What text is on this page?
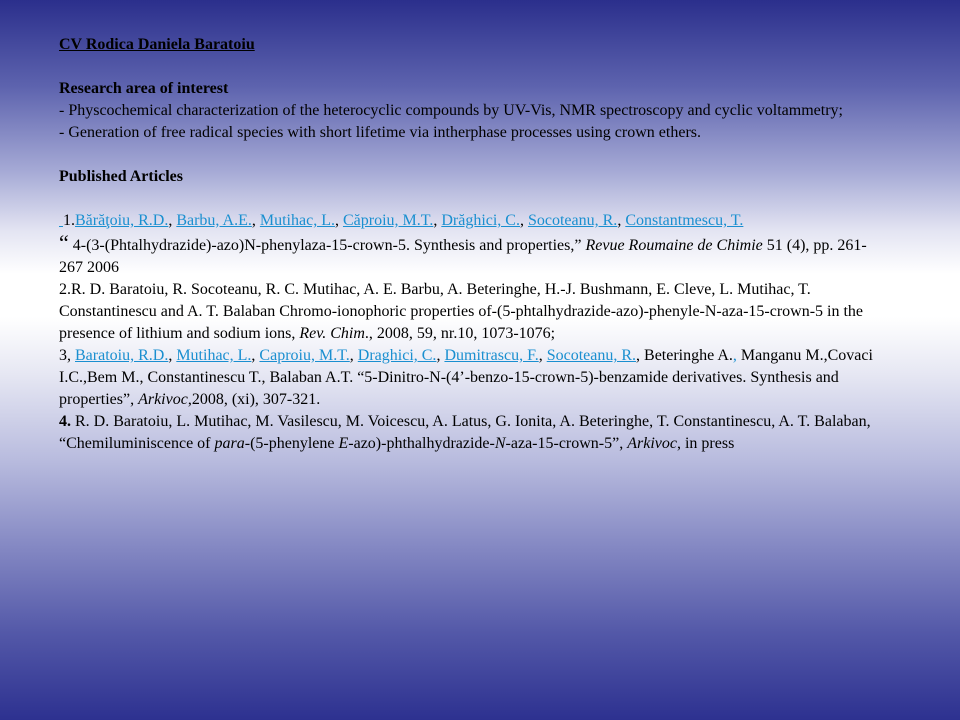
CV Rodica Daniela Baratoiu
Research area of interest
- Physcochemical characterization of the heterocyclic compounds by UV-Vis, NMR spectroscopy and cyclic voltammetry;
- Generation of free radical species with short lifetime via intherphase processes using crown ethers.
Published Articles

1.Bărăţoiu, R.D., Barbu, A.E., Mutihac, L., Căproiu, M.T., Drăghici, C., Socoteanu, R., Constantmescu, T.
“ 4-(3-(Phtalhydrazide)-azo)N-phenylaza-15-crown-5. Synthesis and properties,” Revue Roumaine de Chimie 51 (4), pp. 261-267 2006

2.R. D. Baratoiu, R. Socoteanu, R. C. Mutihac, A. E. Barbu, A. Beteringhe, H.-J. Bushmann, E. Cleve, L. Mutihac, T. Constantinescu and A. T. Balaban Chromo-ionophoric properties of-(5-phtalhydrazide-azo)-phenyle-N-aza-15-crown-5 in the presence of lithium and sodium ions, Rev. Chim., 2008, 59, nr.10, 1073-1076;

3, Baratoiu, R.D., Mutihac, L., Caproiu, M.T., Draghici, C., Dumitrascu, F., Socoteanu, R., Beteringhe A., Manganu M.,Covaci I.C.,Bem M., Constantinescu T., Balaban A.T. “5-Dinitro-N-(4’-benzo-15-crown-5)-benzamide derivatives. Synthesis and properties”, Arkivoc,2008, (xi), 307-321.

4. R. D. Baratoiu, L. Mutihac, M. Vasilescu, M. Voicescu, A. Latus, G. Ionita, A. Beteringhe, T. Constantinescu, A. T. Balaban, “Chemiluminiscence of para-(5-phenylene E-azo)-phthalhydrazide-N-aza-15-crown-5”, Arkivoc, in press
